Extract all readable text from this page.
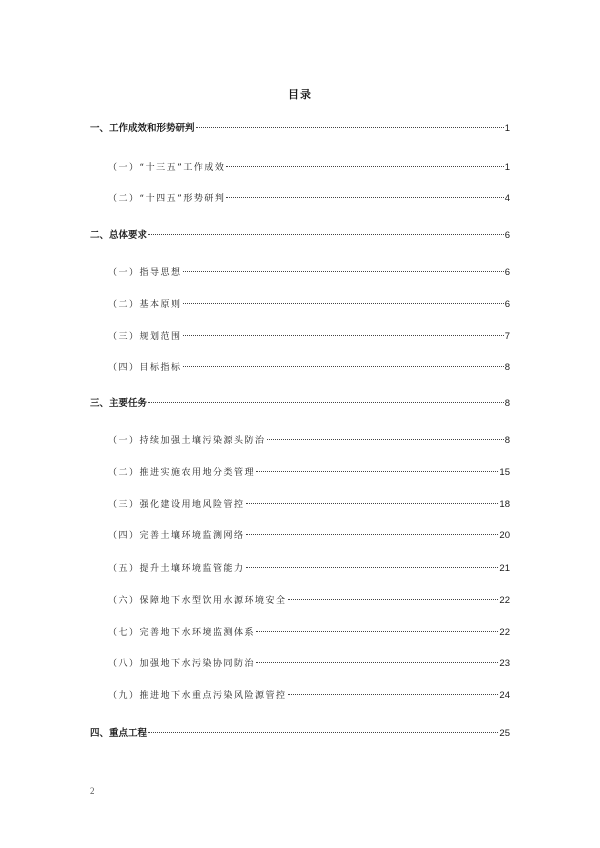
目录
一、工作成效和形势研判	1
（一）“十三五”工作成效	1
（二）“十四五”形势研判	4
二、总体要求	6
（一）指导思想	6
（二）基本原则	6
（三）规划范围	7
（四）目标指标	8
三、主要任务	8
（一）持续加强土壤污染源头防治	8
（二）推进实施农用地分类管理	15
（三）强化建设用地风险管控	18
（四）完善土壤环境监测网络	20
（五）提升土壤环境监管能力	21
（六）保障地下水型饮用水源环境安全	22
（七）完善地下水环境监测体系	22
（八）加强地下水污染协同防治	23
（九）推进地下水重点污染风险源管控	24
四、重点工程	25
2
